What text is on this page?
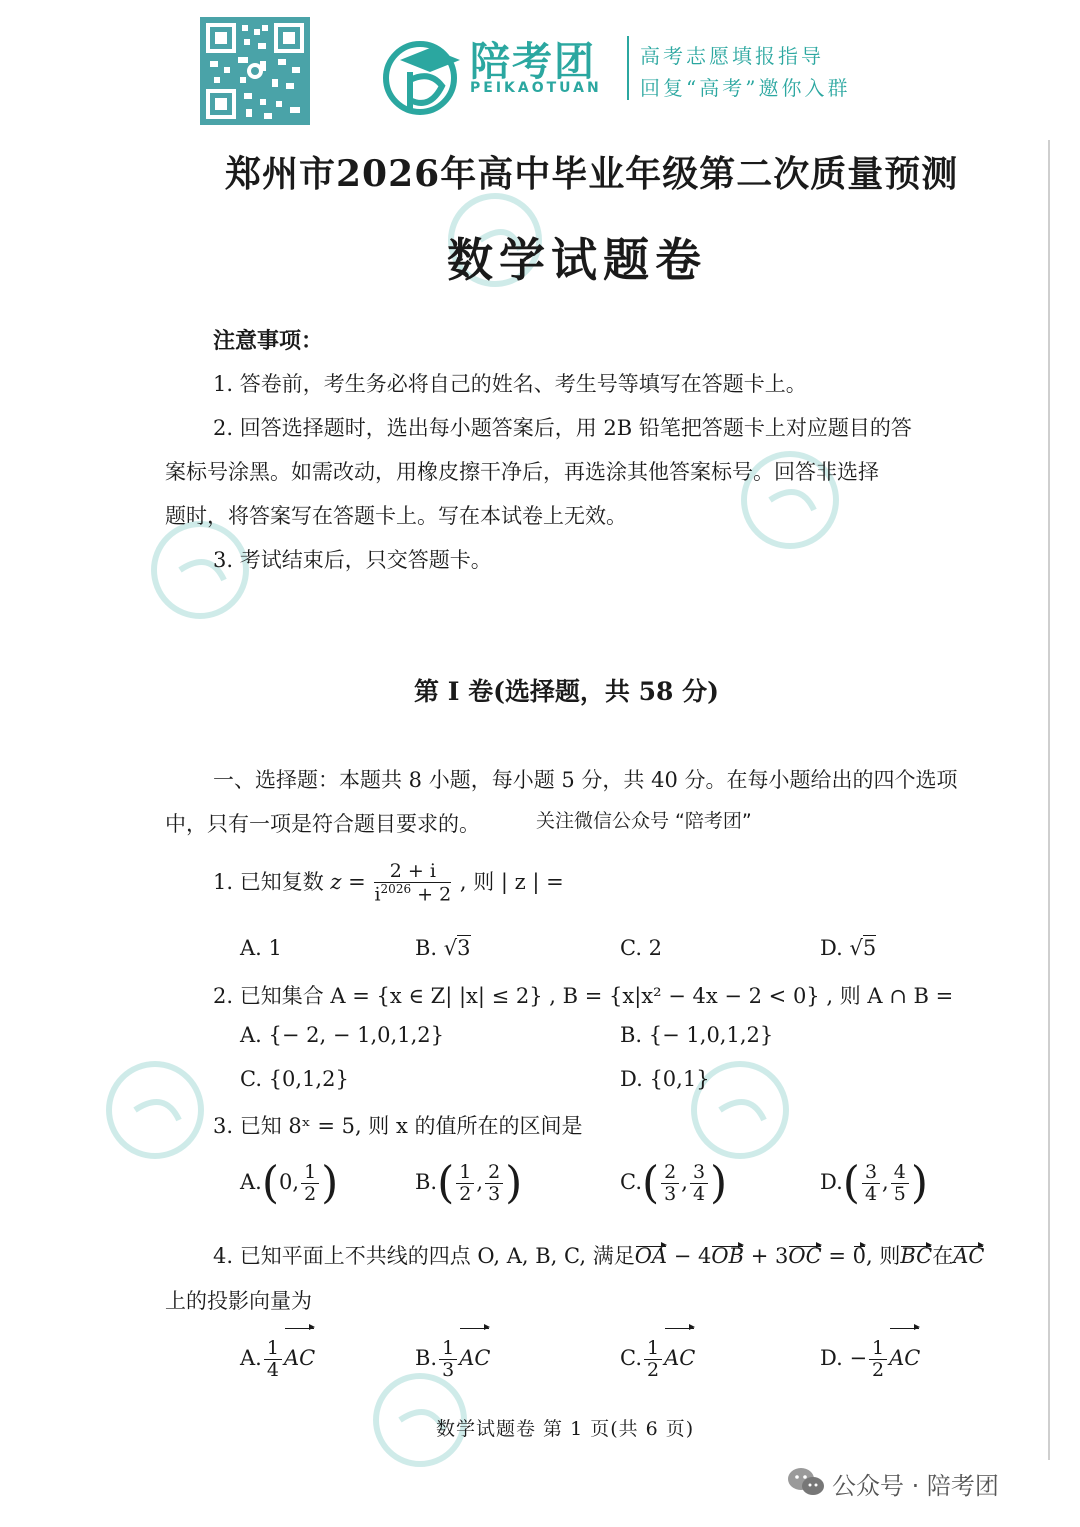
陪考团
PEIKAOTUAN
高考志愿填报指导
回复“高考”邀你入群
郑州市2026年高中毕业年级第二次质量预测
数学试题卷
注意事项：
1. 答卷前，考生务必将自己的姓名、考生号等填写在答题卡上。
2. 回答选择题时，选出每小题答案后，用 2B 铅笔把答题卡上对应题目的答
案标号涂黑。如需改动，用橡皮擦干净后，再选涂其他答案标号。回答非选择
题时，将答案写在答题卡上。写在本试卷上无效。
3. 考试结束后，只交答题卡。
第 Ⅰ 卷(选择题，共 58 分)
一、选择题：本题共 8 小题，每小题 5 分，共 40 分。在每小题给出的四个选项
中，只有一项是符合题目要求的。	关注微信公众号 “陪考团”
1. 已知复数 $z = \frac{2 + i}{i^{2026} + 2}$ , 则 | z | =
A. 1	B. √3	C. 2	D. √5
2. 已知集合 A = {x ∈ Z| |x| ≤ 2} , B = {x|x² − 4x − 2 < 0} , 则 A ∩ B =
A. {− 2, − 1,0,1,2}	B. {− 1,0,1,2}
C. {0,1,2}	D. {0,1}
3. 已知 8ˣ = 5, 则 x 的值所在的区间是
A.(0, $\frac{1}{2}$ )	$B.( \frac{1}{2}$ , $\frac{2}{3}$ )	$C.( \frac{2}{3}$ , $\frac{3}{4}$ )	$D.( \frac{3}{4}$ , $\frac{4}{5}$ )
4. 已知平面上不共线的四点 O, A, B, C, 满足OA − 4OB + 3OC = 0, 则BC在AC
上的投影向量为
A. $\frac{1}{4}$ AC	B. $\frac{1}{3}$ AC	C. $\frac{1}{2}$ AC	D. − $\frac{1}{2}$ AC
数学试题卷 第 1 页(共 6 页)
公众号 · 陪考团
